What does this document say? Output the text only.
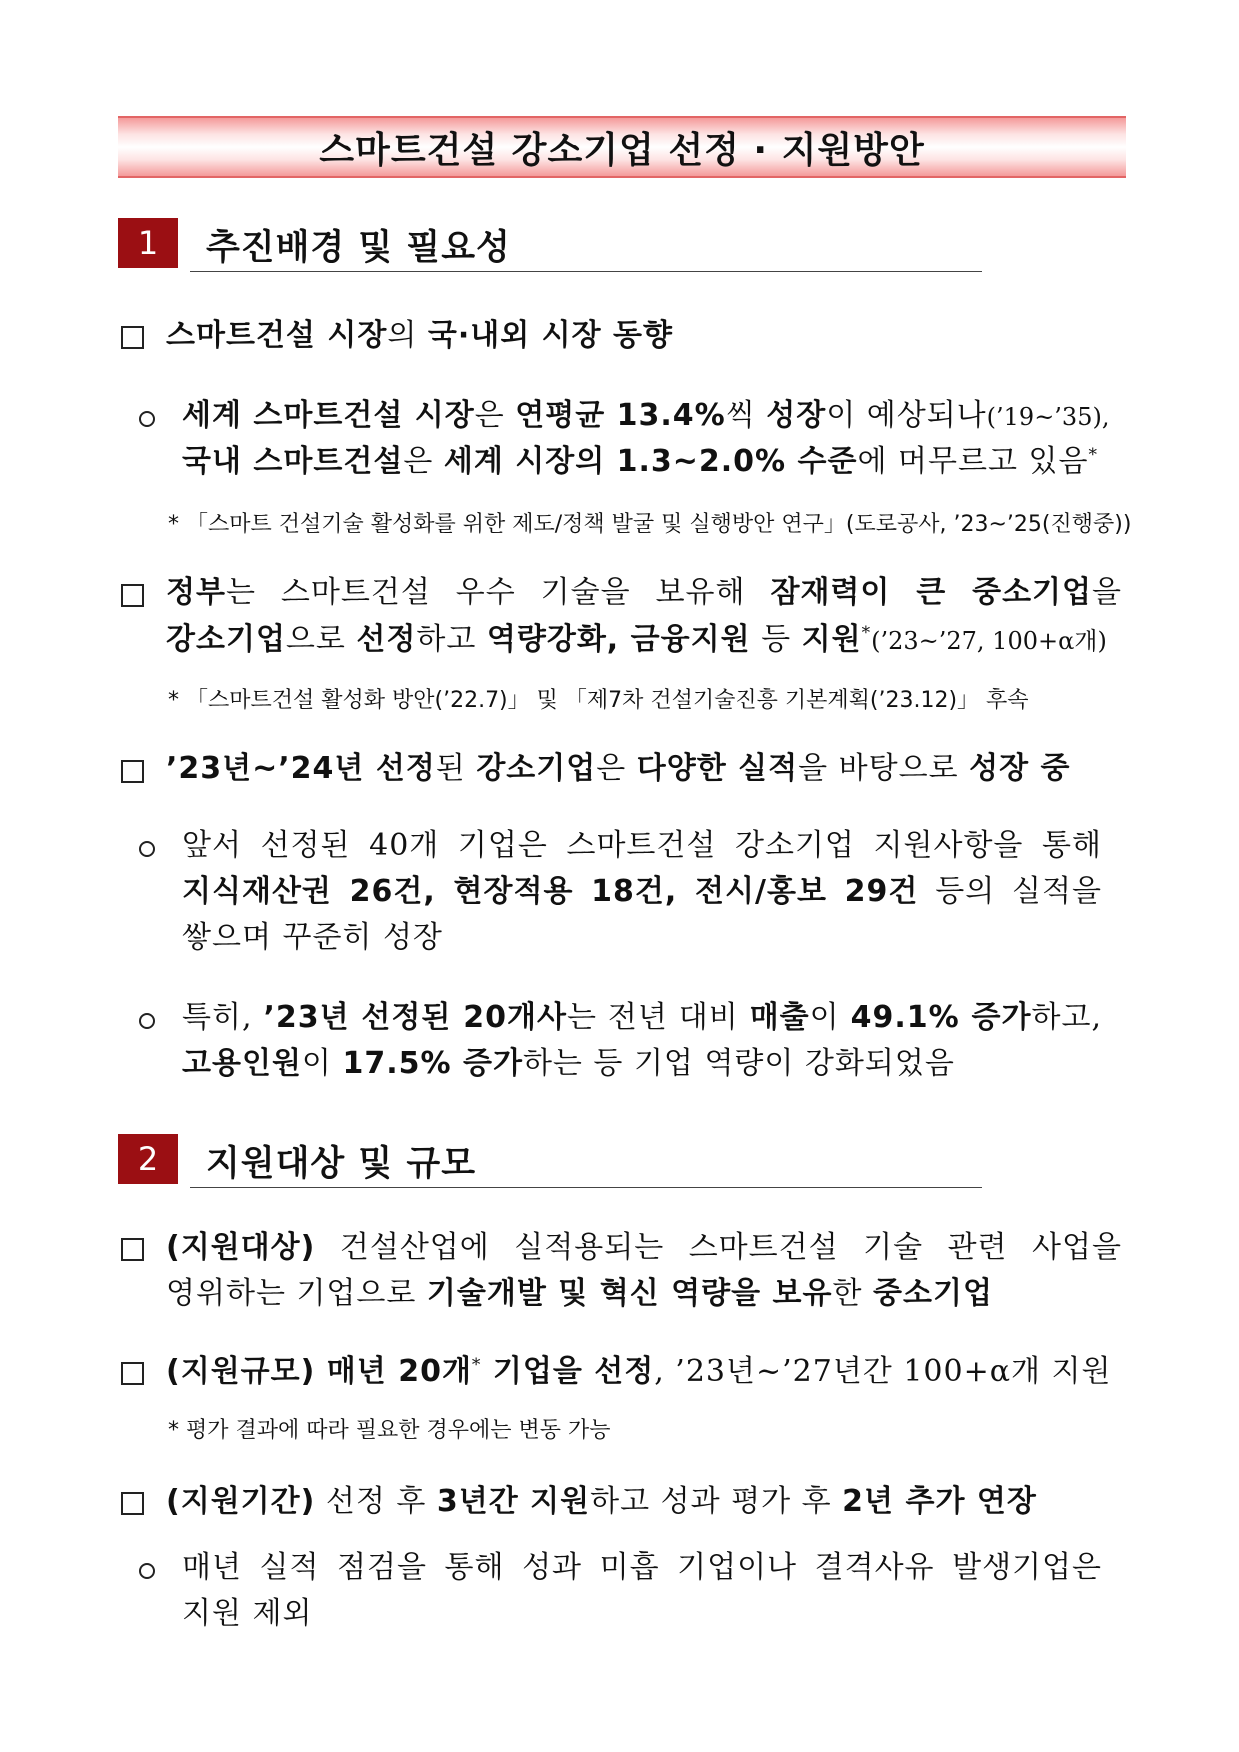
스마트건설 강소기업 선정 · 지원방안
1	추진배경 및 필요성
스마트건설 시장의 국·내외 시장 동향
세계 스마트건설 시장은 연평균 13.4%씩 성장이 예상되나(’19~’35),
국내 스마트건설은 세계 시장의 1.3~2.0% 수준에 머무르고 있음*
* 「스마트 건설기술 활성화를 위한 제도/정책 발굴 및 실행방안 연구」(도로공사, ’23~’25(진행중))
정부는 스마트건설 우수 기술을 보유해 잠재력이 큰 중소기업을
강소기업으로 선정하고 역량강화, 금융지원 등 지원*(’23~’27, 100+α개)
* 「스마트건설 활성화 방안(’22.7)」 및 「제7차 건설기술진흥 기본계획(’23.12)」 후속
’23년~’24년 선정된 강소기업은 다양한 실적을 바탕으로 성장 중
앞서 선정된 40개 기업은 스마트건설 강소기업 지원사항을 통해
지식재산권 26건, 현장적용 18건, 전시/홍보 29건 등의 실적을
쌓으며 꾸준히 성장
특히, ’23년 선정된 20개사는 전년 대비 매출이 49.1% 증가하고,
고용인원이 17.5% 증가하는 등 기업 역량이 강화되었음
2	지원대상 및 규모
(지원대상) 건설산업에 실적용되는 스마트건설 기술 관련 사업을
영위하는 기업으로 기술개발 및 혁신 역량을 보유한 중소기업
(지원규모) 매년 20개* 기업을 선정, ’23년~’27년간 100+α개 지원
* 평가 결과에 따라 필요한 경우에는 변동 가능
(지원기간) 선정 후 3년간 지원하고 성과 평가 후 2년 추가 연장
매년 실적 점검을 통해 성과 미흡 기업이나 결격사유 발생기업은
지원 제외
